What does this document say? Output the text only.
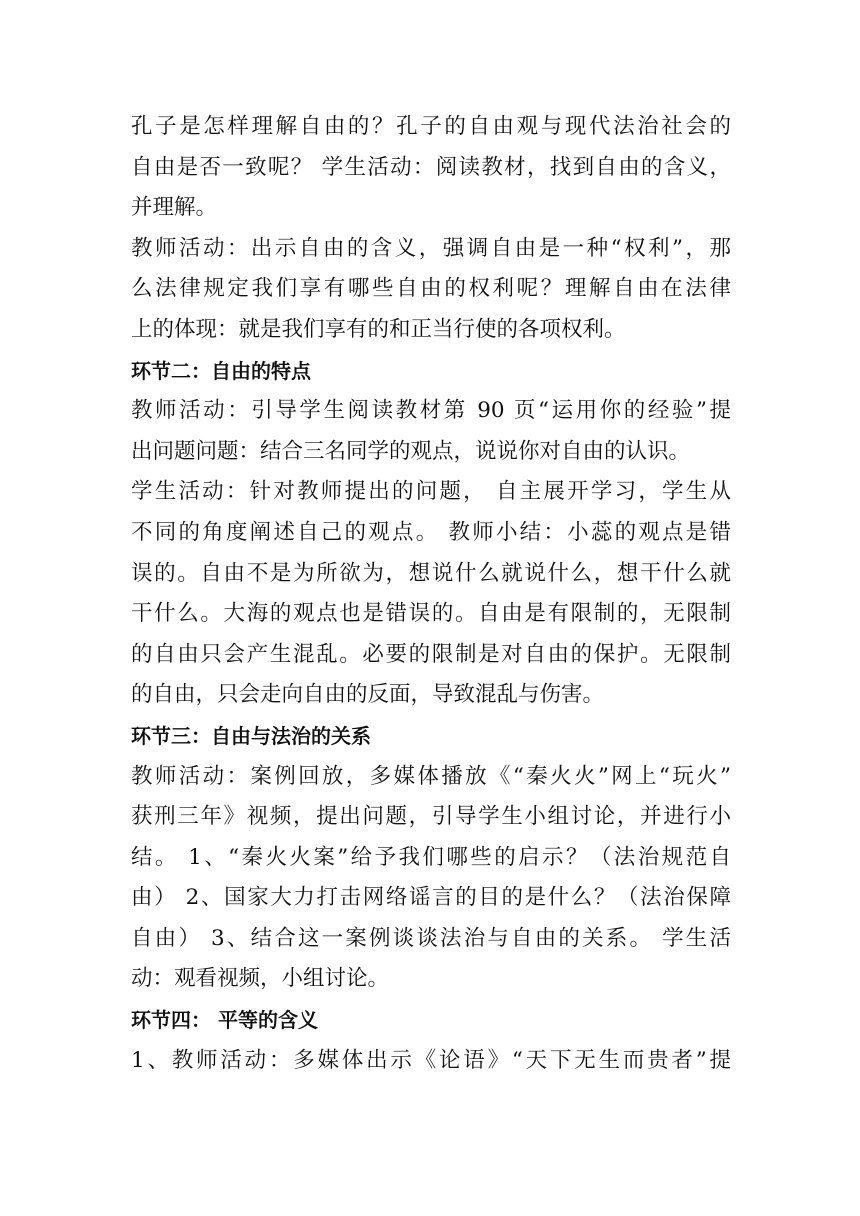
孔子是怎样理解自由的？孔子的自由观与现代法治社会的
自由是否一致呢？ 学生活动：阅读教材，找到自由的含义，
并理解。
教师活动：出示自由的含义，强调自由是一种“权利”，那
么法律规定我们享有哪些自由的权利呢？理解自由在法律
上的体现：就是我们享有的和正当行使的各项权利。
环节二：自由的特点
教师活动：引导学生阅读教材第 90 页“运用你的经验”提
出问题问题：结合三名同学的观点，说说你对自由的认识。
学生活动：针对教师提出的问题， 自主展开学习，学生从
不同的角度阐述自己的观点。 教师小结：小蕊的观点是错
误的。自由不是为所欲为，想说什么就说什么，想干什么就
干什么。大海的观点也是错误的。自由是有限制的，无限制
的自由只会产生混乱。必要的限制是对自由的保护。无限制
的自由，只会走向自由的反面，导致混乱与伤害。
环节三：自由与法治的关系
教师活动：案例回放，多媒体播放《“秦火火”网上“玩火”
获刑三年》视频，提出问题，引导学生小组讨论，并进行小
结。 1、“秦火火案”给予我们哪些的启示？（法治规范自
由） 2、国家大力打击网络谣言的目的是什么？（法治保障
自由） 3、结合这一案例谈谈法治与自由的关系。 学生活
动：观看视频，小组讨论。
环节四： 平等的含义
1、教师活动：多媒体出示《论语》“天下无生而贵者”提
